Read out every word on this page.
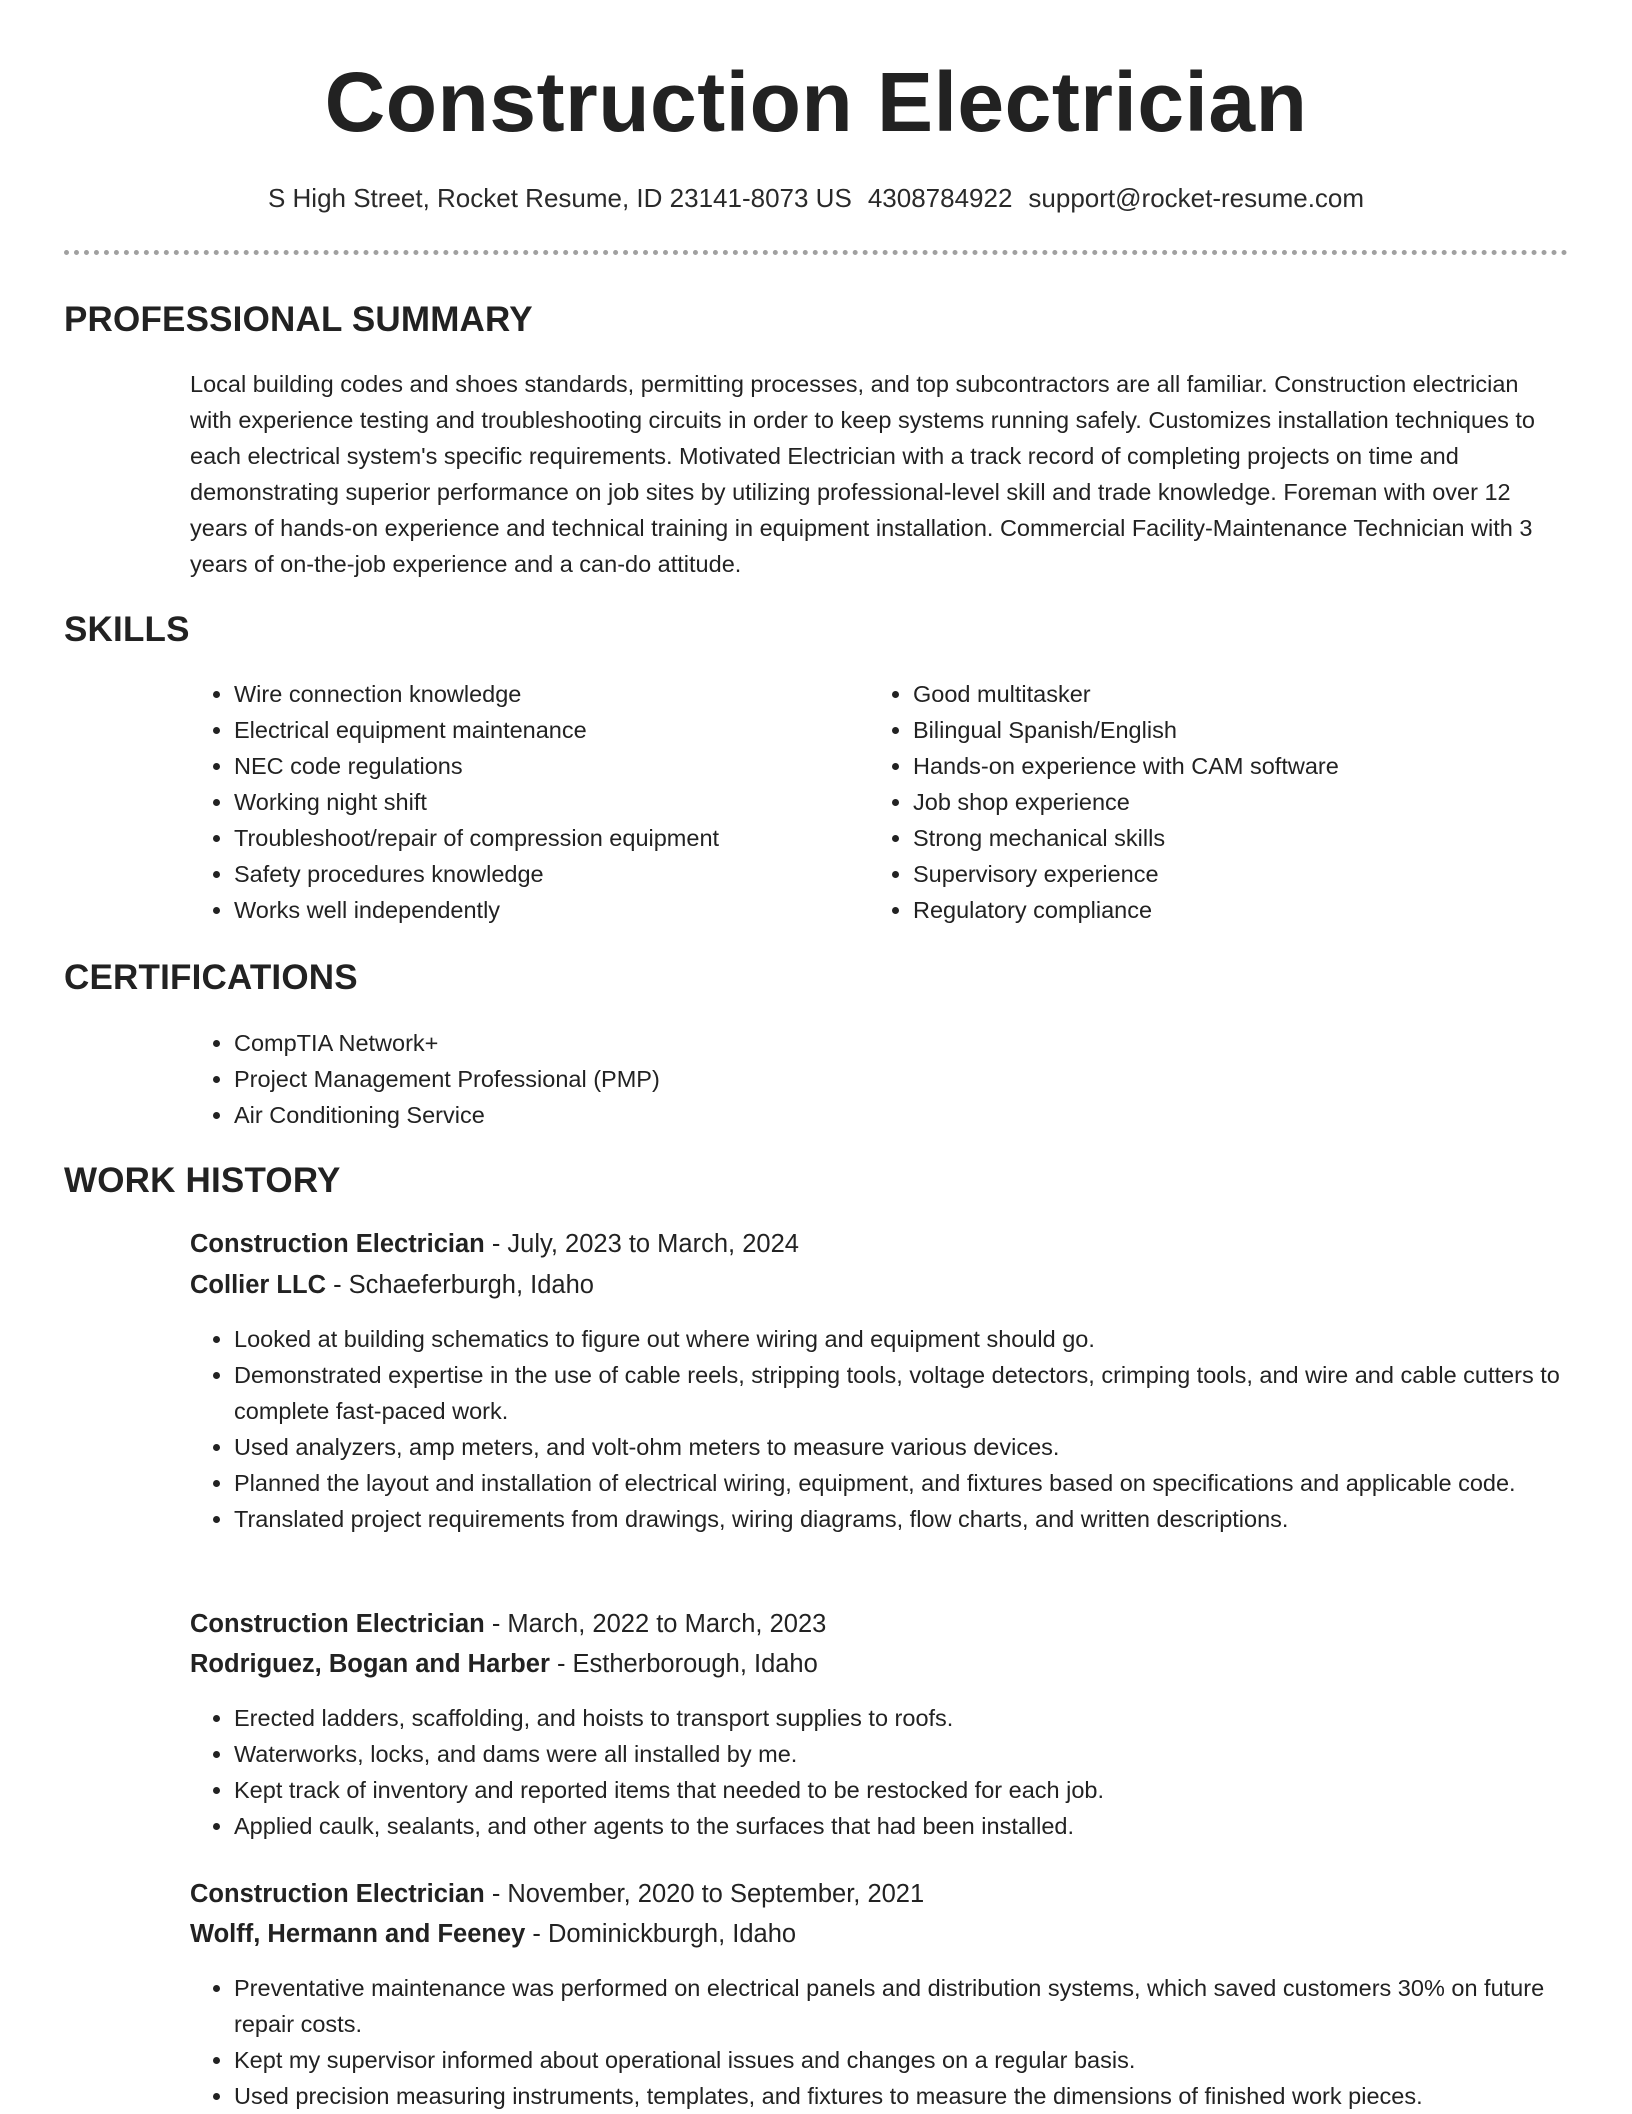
Construction Electrician
S High Street, Rocket Resume, ID 23141-8073 US 4308784922 support@rocket-resume.com
PROFESSIONAL SUMMARY

Local building codes and shoes standards, permitting processes, and top subcontractors are all familiar. Construction electrician with experience testing and troubleshooting circuits in order to keep systems running safely. Customizes installation techniques to each electrical system's specific requirements. Motivated Electrician with a track record of completing projects on time and demonstrating superior performance on job sites by utilizing professional-level skill and trade knowledge. Foreman with over 12 years of hands-on experience and technical training in equipment installation. Commercial Facility-Maintenance Technician with 3 years of on-the-job experience and a can-do attitude.

SKILLS
• Wire connection knowledge
• Electrical equipment maintenance
• NEC code regulations
• Working night shift
• Troubleshoot/repair of compression equipment
• Safety procedures knowledge
• Works well independently
• Good multitasker
• Bilingual Spanish/English
• Hands-on experience with CAM software
• Job shop experience
• Strong mechanical skills
• Supervisory experience
• Regulatory compliance
CERTIFICATIONS
• CompTIA Network+
• Project Management Professional (PMP)
• Air Conditioning Service
WORK HISTORY
Construction Electrician - July, 2023 to March, 2024
Collier LLC - Schaeferburgh, Idaho
• Looked at building schematics to figure out where wiring and equipment should go.
• Demonstrated expertise in the use of cable reels, stripping tools, voltage detectors, crimping tools, and wire and cable cutters to complete fast-paced work.
• Used analyzers, amp meters, and volt-ohm meters to measure various devices.
• Planned the layout and installation of electrical wiring, equipment, and fixtures based on specifications and applicable code.
• Translated project requirements from drawings, wiring diagrams, flow charts, and written descriptions.
Construction Electrician - March, 2022 to March, 2023
Rodriguez, Bogan and Harber - Estherborough, Idaho
• Erected ladders, scaffolding, and hoists to transport supplies to roofs.
• Waterworks, locks, and dams were all installed by me.
• Kept track of inventory and reported items that needed to be restocked for each job.
• Applied caulk, sealants, and other agents to the surfaces that had been installed.
Construction Electrician - November, 2020 to September, 2021
Wolff, Hermann and Feeney - Dominickburgh, Idaho
• Preventative maintenance was performed on electrical panels and distribution systems, which saved customers 30% on future repair costs.
• Kept my supervisor informed about operational issues and changes on a regular basis.
• Used precision measuring instruments, templates, and fixtures to measure the dimensions of finished work pieces.
